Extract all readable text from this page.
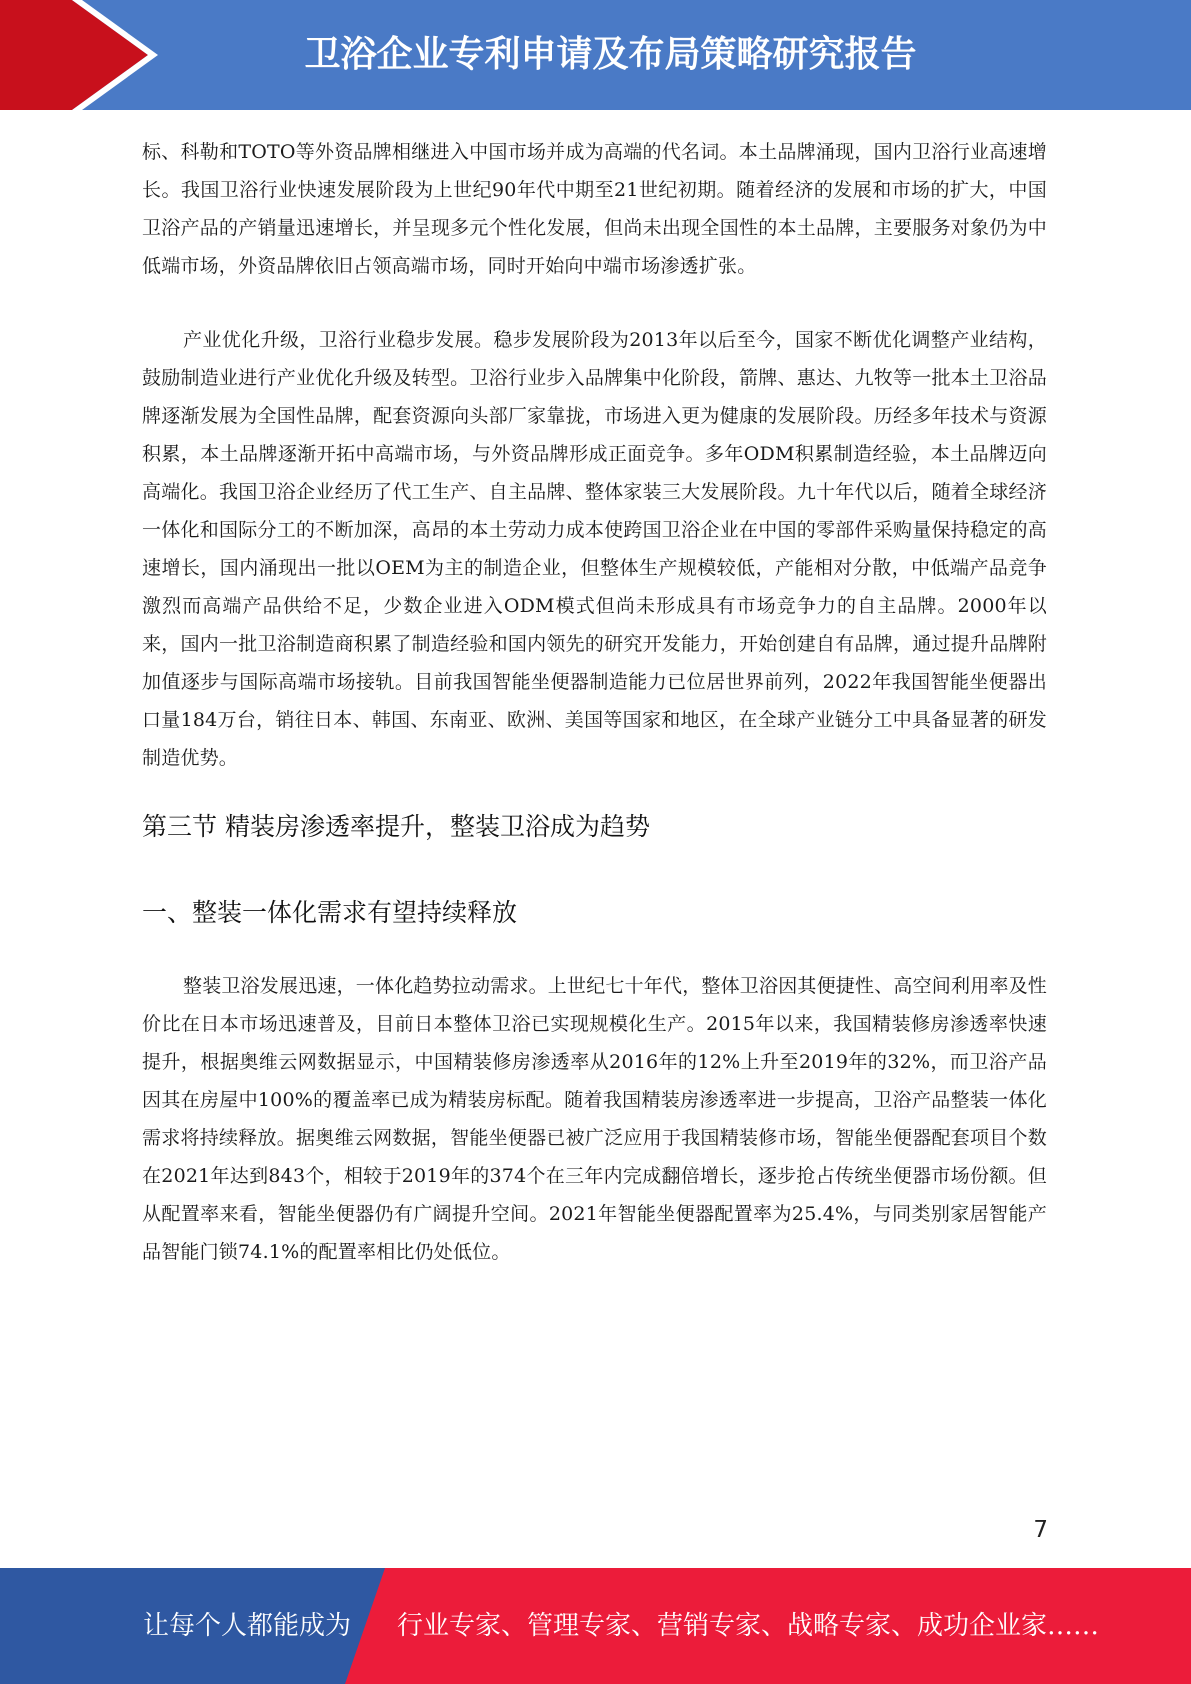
卫浴企业专利申请及布局策略研究报告

标、科勒和TOTO等外资品牌相继进入中国市场并成为高端的代名词。本土品牌涌现，国内卫浴行业高速增长。我国卫浴行业快速发展阶段为上世纪90年代中期至21世纪初期。随着经济的发展和市场的扩大，中国卫浴产品的产销量迅速增长，并呈现多元个性化发展，但尚未出现全国性的本土品牌，主要服务对象仍为中低端市场，外资品牌依旧占领高端市场，同时开始向中端市场渗透扩张。

产业优化升级，卫浴行业稳步发展。稳步发展阶段为2013年以后至今，国家不断优化调整产业结构，鼓励制造业进行产业优化升级及转型。卫浴行业步入品牌集中化阶段，箭牌、惠达、九牧等一批本土卫浴品牌逐渐发展为全国性品牌，配套资源向头部厂家靠拢，市场进入更为健康的发展阶段。历经多年技术与资源积累，本土品牌逐渐开拓中高端市场，与外资品牌形成正面竞争。多年ODM积累制造经验，本土品牌迈向高端化。我国卫浴企业经历了代工生产、自主品牌、整体家装三大发展阶段。九十年代以后，随着全球经济一体化和国际分工的不断加深，高昂的本土劳动力成本使跨国卫浴企业在中国的零部件采购量保持稳定的高速增长，国内涌现出一批以OEM为主的制造企业，但整体生产规模较低，产能相对分散，中低端产品竞争激烈而高端产品供给不足，少数企业进入ODM模式但尚未形成具有市场竞争力的自主品牌。2000年以来，国内一批卫浴制造商积累了制造经验和国内领先的研究开发能力，开始创建自有品牌，通过提升品牌附加值逐步与国际高端市场接轨。目前我国智能坐便器制造能力已位居世界前列，2022年我国智能坐便器出口量184万台，销往日本、韩国、东南亚、欧洲、美国等国家和地区，在全球产业链分工中具备显著的研发制造优势。

第三节 精装房渗透率提升，整装卫浴成为趋势
一、整装一体化需求有望持续释放

整装卫浴发展迅速，一体化趋势拉动需求。上世纪七十年代，整体卫浴因其便捷性、高空间利用率及性价比在日本市场迅速普及，目前日本整体卫浴已实现规模化生产。2015年以来，我国精装修房渗透率快速提升，根据奥维云网数据显示，中国精装修房渗透率从2016年的12%上升至2019年的32%，而卫浴产品因其在房屋中100%的覆盖率已成为精装房标配。随着我国精装房渗透率进一步提高，卫浴产品整装一体化需求将持续释放。据奥维云网数据，智能坐便器已被广泛应用于我国精装修市场，智能坐便器配套项目个数在2021年达到843个，相较于2019年的374个在三年内完成翻倍增长，逐步抢占传统坐便器市场份额。但从配置率来看，智能坐便器仍有广阔提升空间。2021年智能坐便器配置率为25.4%，与同类别家居智能产品智能门锁74.1%的配置率相比仍处低位。

7
让每个人都能成为 行业专家、管理专家、营销专家、战略专家、成功企业家……
